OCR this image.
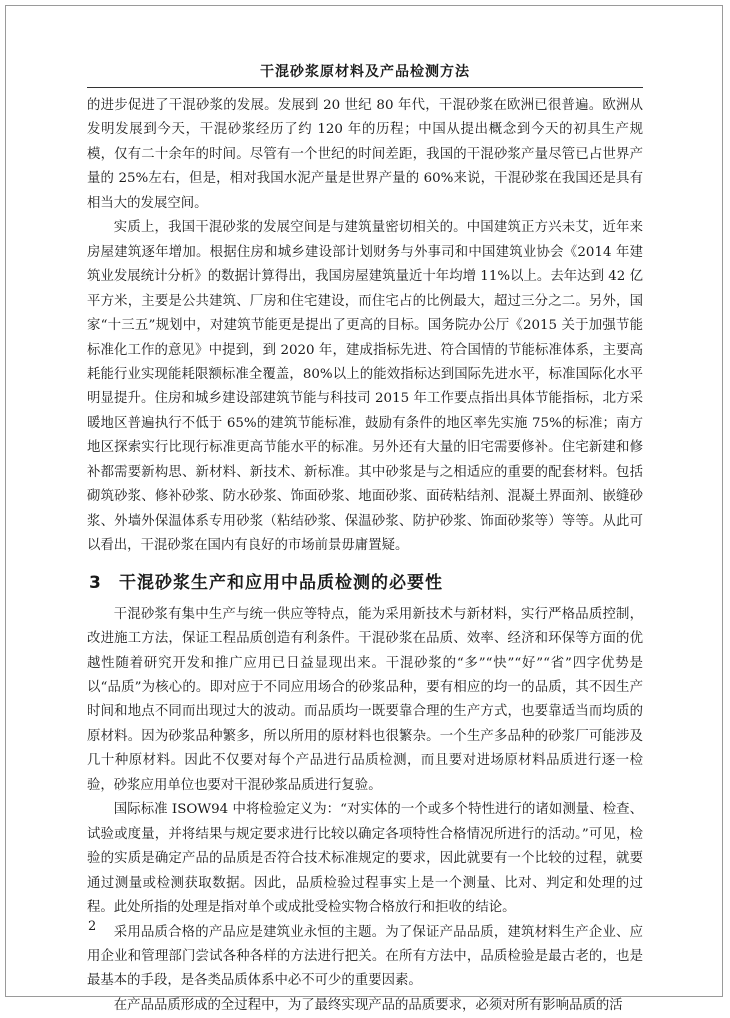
干混砂浆原材料及产品检测方法

的进步促进了干混砂浆的发展。发展到 20 世纪 80 年代，干混砂浆在欧洲已很普遍。欧洲从发明发展到今天，干混砂浆经历了约 120 年的历程；中国从提出概念到今天的初具生产规模，仅有二十余年的时间。尽管有一个世纪的时间差距，我国的干混砂浆产量尽管已占世界产量的 25%左右，但是，相对我国水泥产量是世界产量的 60%来说，干混砂浆在我国还是具有相当大的发展空间。

实质上，我国干混砂浆的发展空间是与建筑量密切相关的。中国建筑正方兴未艾，近年来房屋建筑逐年增加。根据住房和城乡建设部计划财务与外事司和中国建筑业协会《2014 年建筑业发展统计分析》的数据计算得出，我国房屋建筑量近十年均增 11%以上。去年达到 42 亿平方米，主要是公共建筑、厂房和住宅建设，而住宅占的比例最大，超过三分之二。另外，国家“十三五”规划中，对建筑节能更是提出了更高的目标。国务院办公厅《2015 关于加强节能标准化工作的意见》中提到，到 2020 年，建成指标先进、符合国情的节能标准体系，主要高耗能行业实现能耗限额标准全覆盖，80%以上的能效指标达到国际先进水平，标准国际化水平明显提升。住房和城乡建设部建筑节能与科技司 2015 年工作要点指出具体节能指标，北方采暖地区普遍执行不低于 65%的建筑节能标准，鼓励有条件的地区率先实施 75%的标准；南方地区探索实行比现行标准更高节能水平的标准。另外还有大量的旧宅需要修补。住宅新建和修补都需要新构思、新材料、新技术、新标准。其中砂浆是与之相适应的重要的配套材料。包括砌筑砂浆、修补砂浆、防水砂浆、饰面砂浆、地面砂浆、面砖粘结剂、混凝土界面剂、嵌缝砂浆、外墙外保温体系专用砂浆（粘结砂浆、保温砂浆、防护砂浆、饰面砂浆等）等等。从此可以看出，干混砂浆在国内有良好的市场前景毋庸置疑。

3 干混砂浆生产和应用中品质检测的必要性

干混砂浆有集中生产与统一供应等特点，能为采用新技术与新材料，实行严格品质控制，改进施工方法，保证工程品质创造有利条件。干混砂浆在品质、效率、经济和环保等方面的优越性随着研究开发和推广应用已日益显现出来。干混砂浆的“多”“快”“好”“省”四字优势是以“品质”为核心的。即对应于不同应用场合的砂浆品种，要有相应的均一的品质，其不因生产时间和地点不同而出现过大的波动。而品质均一既要靠合理的生产方式，也要靠适当而均质的原材料。因为砂浆品种繁多，所以所用的原材料也很繁杂。一个生产多品种的砂浆厂可能涉及几十种原材料。因此不仅要对每个产品进行品质检测，而且要对进场原材料品质进行逐一检验，砂浆应用单位也要对干混砂浆品质进行复验。

国际标准 ISOW94 中将检验定义为：“对实体的一个或多个特性进行的诸如测量、检查、试验或度量，并将结果与规定要求进行比较以确定各项特性合格情况所进行的活动。”可见，检验的实质是确定产品的品质是否符合技术标准规定的要求，因此就要有一个比较的过程，就要通过测量或检测获取数据。因此，品质检验过程事实上是一个测量、比对、判定和处理的过程。此处所指的处理是指对单个或成批受检实物合格放行和拒收的结论。

采用品质合格的产品应是建筑业永恒的主题。为了保证产品品质，建筑材料生产企业、应用企业和管理部门尝试各种各样的方法进行把关。在所有方法中，品质检验是最古老的，也是最基本的手段，是各类品质体系中必不可少的重要因素。

在产品品质形成的全过程中，为了最终实现产品的品质要求，必须对所有影响品质的活

2
